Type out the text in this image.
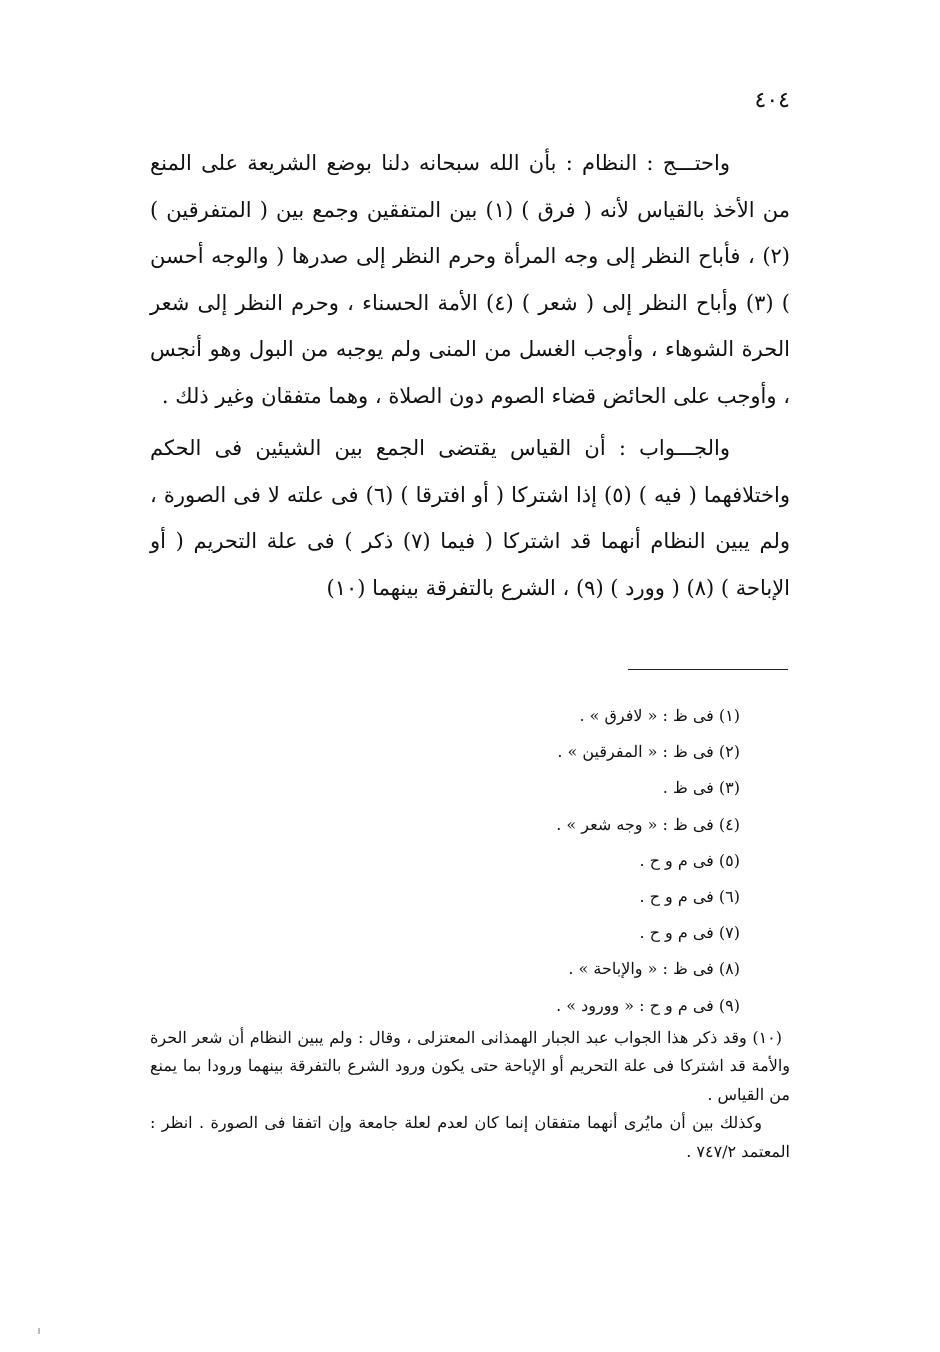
٤٠٤

واحتـــج : النظام : بأن الله سبحانه دلنا بوضع الشريعة على المنع من الأخذ بالقياس لأنه ( فرق ) (١) بين المتفقين وجمع بين ( المتفرقين ) (٢) ، فأباح النظر إلى وجه المرأة وحرم النظر إلى صدرها ( والوجه أحسن ) (٣) وأباح النظر إلى ( شعر ) (٤) الأمة الحسناء ، وحرم النظر إلى شعر الحرة الشوهاء ، وأوجب الغسل من المنى ولم يوجبه من البول وهو أنجس ، وأوجب على الحائض قضاء الصوم دون الصلاة ، وهما متفقان وغير ذلك .

والجـــواب : أن القياس يقتضى الجمع بين الشيئين فى الحكم واختلافهما ( فيه ) (٥) إذا اشتركا ( أو افترقا ) (٦) فى علته لا فى الصورة ، ولم يبين النظام أنهما قد اشتركا ( فيما (٧) ذكر ) فى علة التحريم ( أو الإباحة ) (٨) ( وورد ) (٩) ، الشرع بالتفرقة بينهما (١٠)

(١) فى ظ : « لافرق » .
(٢) فى ظ : « المفرقين » .
(٣) فى ظ .
(٤) فى ظ : « وجه شعر » .
(٥) فى م و ح .
(٦) فى م و ح .
(٧) فى م و ح .
(٨) فى ظ : « والإباحة » .
(٩) فى م و ح : « وورود » .

(١٠) وقد ذكر هذا الجواب عبد الجبار الهمذانى المعتزلى ، وقال : ولم يبين النظام أن شعر الحرة والأمة قد اشتركا فى علة التحريم أو الإباحة حتى يكون ورود الشرع بالتفرقة بينهما ورودا بما يمنع من القياس .

وكذلك بين أن مايُرى أنهما متفقان إنما كان لعدم لعلة جامعة وإن اتفقا فى الصورة . انظر : المعتمد ٧٤٧/٢ .
